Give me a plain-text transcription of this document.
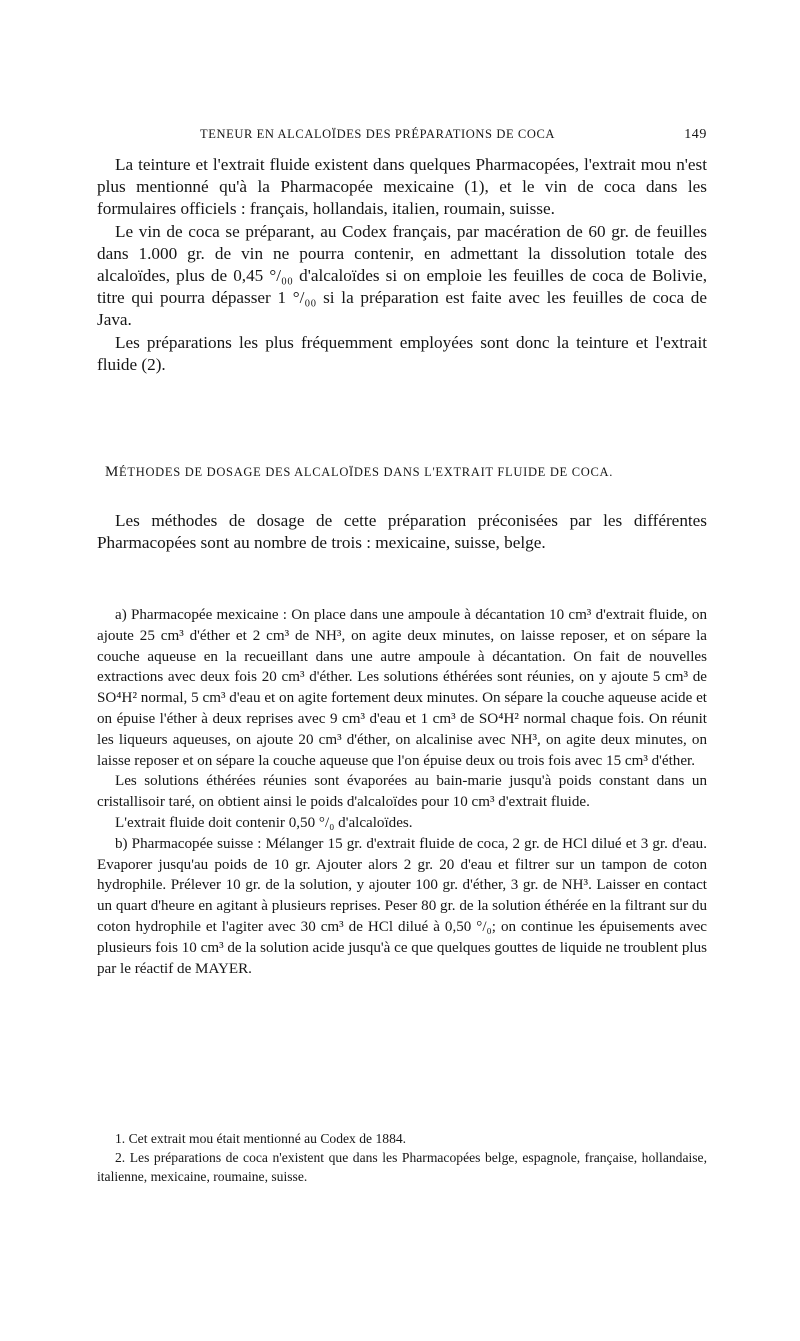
TENEUR EN ALCALOÏDES DES PRÉPARATIONS DE COCA	149

La teinture et l'extrait fluide existent dans quelques Pharmacopées, l'extrait mou n'est plus mentionné qu'à la Pharmacopée mexicaine (1), et le vin de coca dans les formulaires officiels : français, hollandais, italien, roumain, suisse.

Le vin de coca se préparant, au Codex français, par macération de 60 gr. de feuilles dans 1.000 gr. de vin ne pourra contenir, en admettant la dissolution totale des alcaloïdes, plus de 0,45 °/₀₀ d'alcaloïdes si on emploie les feuilles de coca de Bolivie, titre qui pourra dépasser 1 °/₀₀ si la préparation est faite avec les feuilles de coca de Java.

Les préparations les plus fréquemment employées sont donc la teinture et l'extrait fluide (2).

MÉTHODES DE DOSAGE DES ALCALOÏDES DANS L'EXTRAIT FLUIDE DE COCA.

Les méthodes de dosage de cette préparation préconisées par les différentes Pharmacopées sont au nombre de trois : mexicaine, suisse, belge.

a) Pharmacopée mexicaine : On place dans une ampoule à décantation 10 cm³ d'extrait fluide, on ajoute 25 cm³ d'éther et 2 cm³ de NH³, on agite deux minutes, on laisse reposer, et on sépare la couche aqueuse en la recueillant dans une autre ampoule à décantation. On fait de nouvelles extractions avec deux fois 20 cm³ d'éther. Les solutions éthérées sont réunies, on y ajoute 5 cm³ de SO⁴H² normal, 5 cm³ d'eau et on agite fortement deux minutes. On sépare la couche aqueuse acide et on épuise l'éther à deux reprises avec 9 cm³ d'eau et 1 cm³ de SO⁴H² normal chaque fois. On réunit les liqueurs aqueuses, on ajoute 20 cm³ d'éther, on alcalinise avec NH³, on agite deux minutes, on laisse reposer et on sépare la couche aqueuse que l'on épuise deux ou trois fois avec 15 cm³ d'éther.

Les solutions éthérées réunies sont évaporées au bain-marie jusqu'à poids constant dans un cristallisoir taré, on obtient ainsi le poids d'alcaloïdes pour 10 cm³ d'extrait fluide.

L'extrait fluide doit contenir 0,50 °/₀ d'alcaloïdes.

b) Pharmacopée suisse : Mélanger 15 gr. d'extrait fluide de coca, 2 gr. de HCl dilué et 3 gr. d'eau. Evaporer jusqu'au poids de 10 gr. Ajouter alors 2 gr. 20 d'eau et filtrer sur un tampon de coton hydrophile. Prélever 10 gr. de la solution, y ajouter 100 gr. d'éther, 3 gr. de NH³. Laisser en contact un quart d'heure en agitant à plusieurs reprises. Peser 80 gr. de la solution éthérée en la filtrant sur du coton hydrophile et l'agiter avec 30 cm³ de HCl dilué à 0,50 °/₀; on continue les épuisements avec plusieurs fois 10 cm³ de la solution acide jusqu'à ce que quelques gouttes de liquide ne troublent plus par le réactif de MAYER.

1. Cet extrait mou était mentionné au Codex de 1884.

2. Les préparations de coca n'existent que dans les Pharmacopées belge, espagnole, française, hollandaise, italienne, mexicaine, roumaine, suisse.
